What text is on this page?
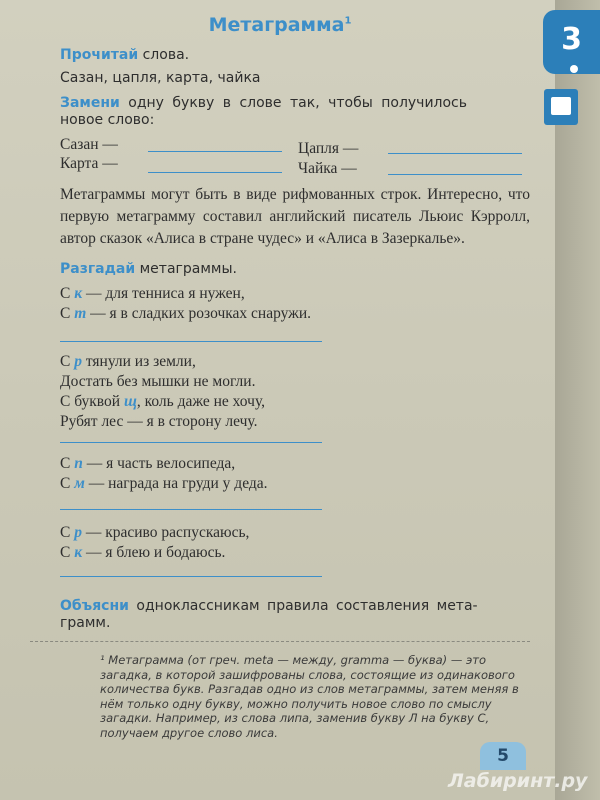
Метаграмма$^1$
Прочитай слова.
Сазан, цапля, карта, чайка
Замени одну букву в слове так, чтобы получилось
новое слово:
Сазан —	Цапля —
Карта —	Чайка —
Метаграммы могут быть в виде рифмованных строк. Интересно, что первую метаграмму составил английский писатель Льюис Кэрролл, автор сказок «Алиса в стране чудес» и «Алиса в Зазеркалье».
Разгадай метаграммы.
С к — для тенниса я нужен,
С т — я в сладких розочках снаружи.
С р тянули из земли,
Достать без мышки не могли.
С буквой щ, коль даже не хочу,
Рубят лес — я в сторону лечу.
С п — я часть велосипеда,
С м — награда на груди у деда.
С р — красиво распускаюсь,
С к — я блею и бодаюсь.
Объясни одноклассникам правила составления мета-
грамм.
¹ Метаграмма (от греч. meta — между, gramma — буква) — это загадка, в которой зашифрованы слова, состоящие из одинакового количества букв. Разгадав одно из слов метаграммы, затем меняя в нём только одну букву, можно получить новое слово по смыслу загадки. Например, из слова липа, заменив букву Л на букву С, получаем другое слово лиса.
3
5
Лабиринт.ру
